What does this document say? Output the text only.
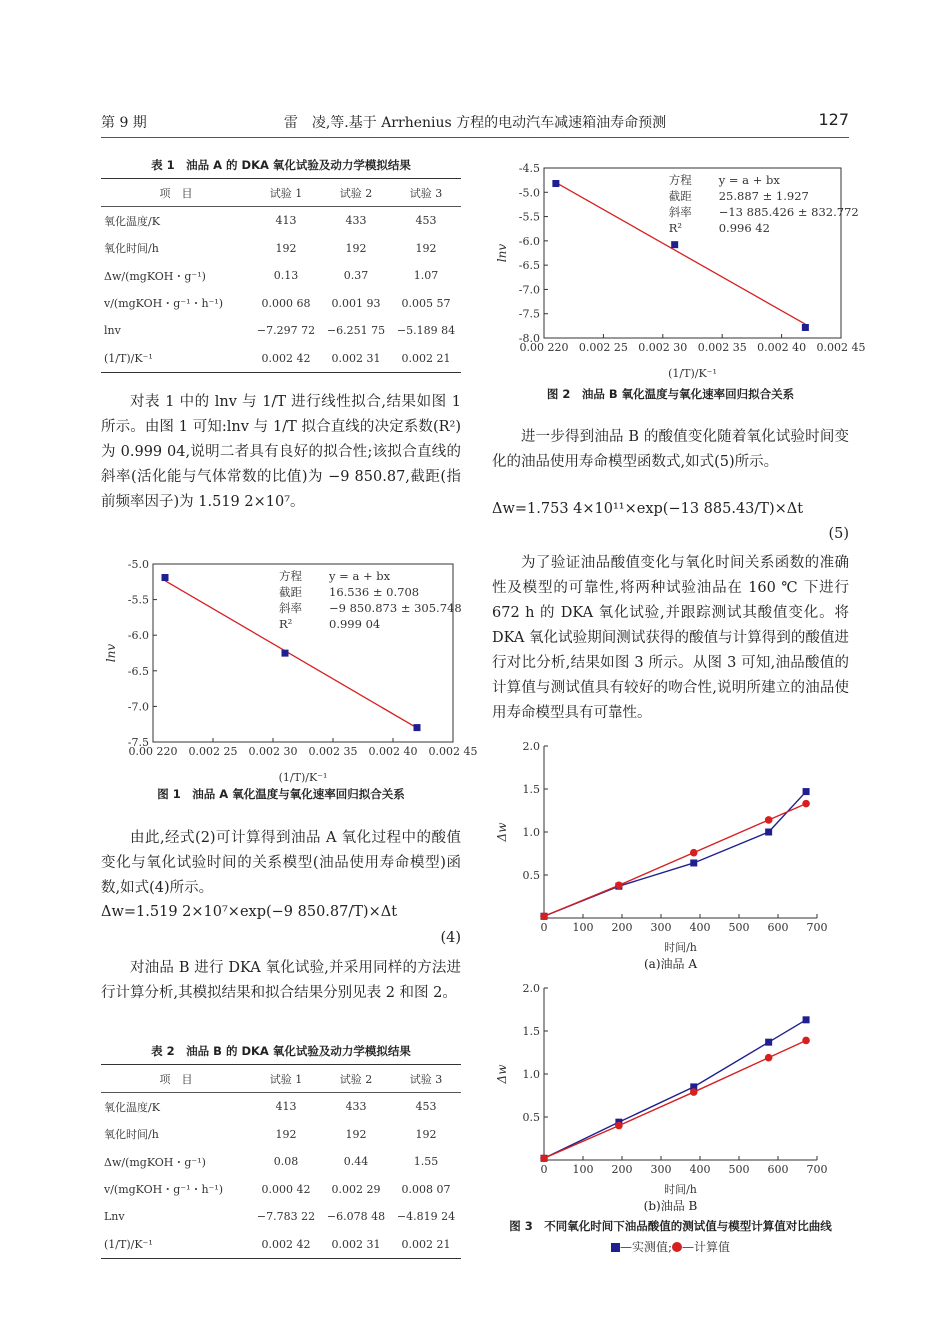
第 9 期	雷　凌,等.基于 Arrhenius 方程的电动汽车减速箱油寿命预测	127
表 1　油品 A 的 DKA 氧化试验及动力学模拟结果
项　目	试验 1	试验 2	试验 3
氧化温度/K	413	433	453
氧化时间/h	192	192	192
Δw/(mgKOH・g⁻¹)	0.13	0.37	1.07
v/(mgKOH・g⁻¹・h⁻¹)	0.000 68	0.001 93	0.005 57
lnv	−7.297 72	−6.251 75	−5.189 84
(1/T)/K⁻¹	0.002 42	0.002 31	0.002 21

对表 1 中的 lnv 与 1/T 进行线性拟合,结果如图 1 所示。由图 1 可知:lnv 与 1/T 拟合直线的决定系数(R²)为 0.999 04,说明二者具有良好的拟合性;该拟合直线的斜率(活化能与气体常数的比值)为 −9 850.87,截距(指前频率因子)为 1.519 2×10⁷。

0.00 220 0.002 25 0.002 30 0.002 35 0.002 40 0.002 45
-5.0
-5.5
-6.0
-6.5
-7.0
-7.5
(1/T)/K⁻¹
lnv
方程 y = a + bx
截距 16.536 ± 0.708
斜率 −9 850.873 ± 305.748
R²	0.999 04
图 1　油品 A 氧化温度与氧化速率回归拟合关系

由此,经式(2)可计算得到油品 A 氧化过程中的酸值变化与氧化试验时间的关系模型(油品使用寿命模型)函数,如式(4)所示。

Δw=1.519 2×10⁷×exp(−9 850.87/T)×Δt
(4)

对油品 B 进行 DKA 氧化试验,并采用同样的方法进行计算分析,其模拟结果和拟合结果分别见表 2 和图 2。

表 2　油品 B 的 DKA 氧化试验及动力学模拟结果
项　目	试验 1	试验 2	试验 3
氧化温度/K	413	433	453
氧化时间/h	192	192	192
Δw/(mgKOH・g⁻¹)	0.08	0.44	1.55
v/(mgKOH・g⁻¹・h⁻¹)	0.000 42	0.002 29	0.008 07
Lnv	−7.783 22	−6.078 48	−4.819 24
(1/T)/K⁻¹	0.002 42	0.002 31	0.002 21
0.00 220 0.002 25 0.002 30 0.002 35 0.002 40 0.002 45
-4.5
-5.0
-5.5
-6.0
-6.5
-7.0
-7.5
-8.0
(1/T)/K⁻¹
lnv
方程 y = a + bx
截距 25.887 ± 1.927
斜率 −13 885.426 ± 832.772
R²	0.996 42
图 2　油品 B 氧化温度与氧化速率回归拟合关系

进一步得到油品 B 的酸值变化随着氧化试验时间变化的油品使用寿命模型函数式,如式(5)所示。

Δw=1.753 4×10¹¹×exp(−13 885.43/T)×Δt
(5)

为了验证油品酸值变化与氧化时间关系函数的准确性及模型的可靠性,将两种试验油品在 160 ℃ 下进行 672 h 的 DKA 氧化试验,并跟踪测试其酸值变化。将 DKA 氧化试验期间测试获得的酸值与计算得到的酸值进行对比分析,结果如图 3 所示。从图 3 可知,油品酸值的计算值与测试值具有较好的吻合性,说明所建立的油品使用寿命模型具有可靠性。

0 100 200 300 400 500 600 700
2.0
1.5
1.0
0.5
时间/h
Δw
(a)油品 A
0 100 200 300 400 500 600 700
2.0
1.5
1.0
0.5
时间/h
Δw
(b)油品 B
图 3　不同氧化时间下油品酸值的测试值与模型计算值对比曲线
—实测值; —计算值
